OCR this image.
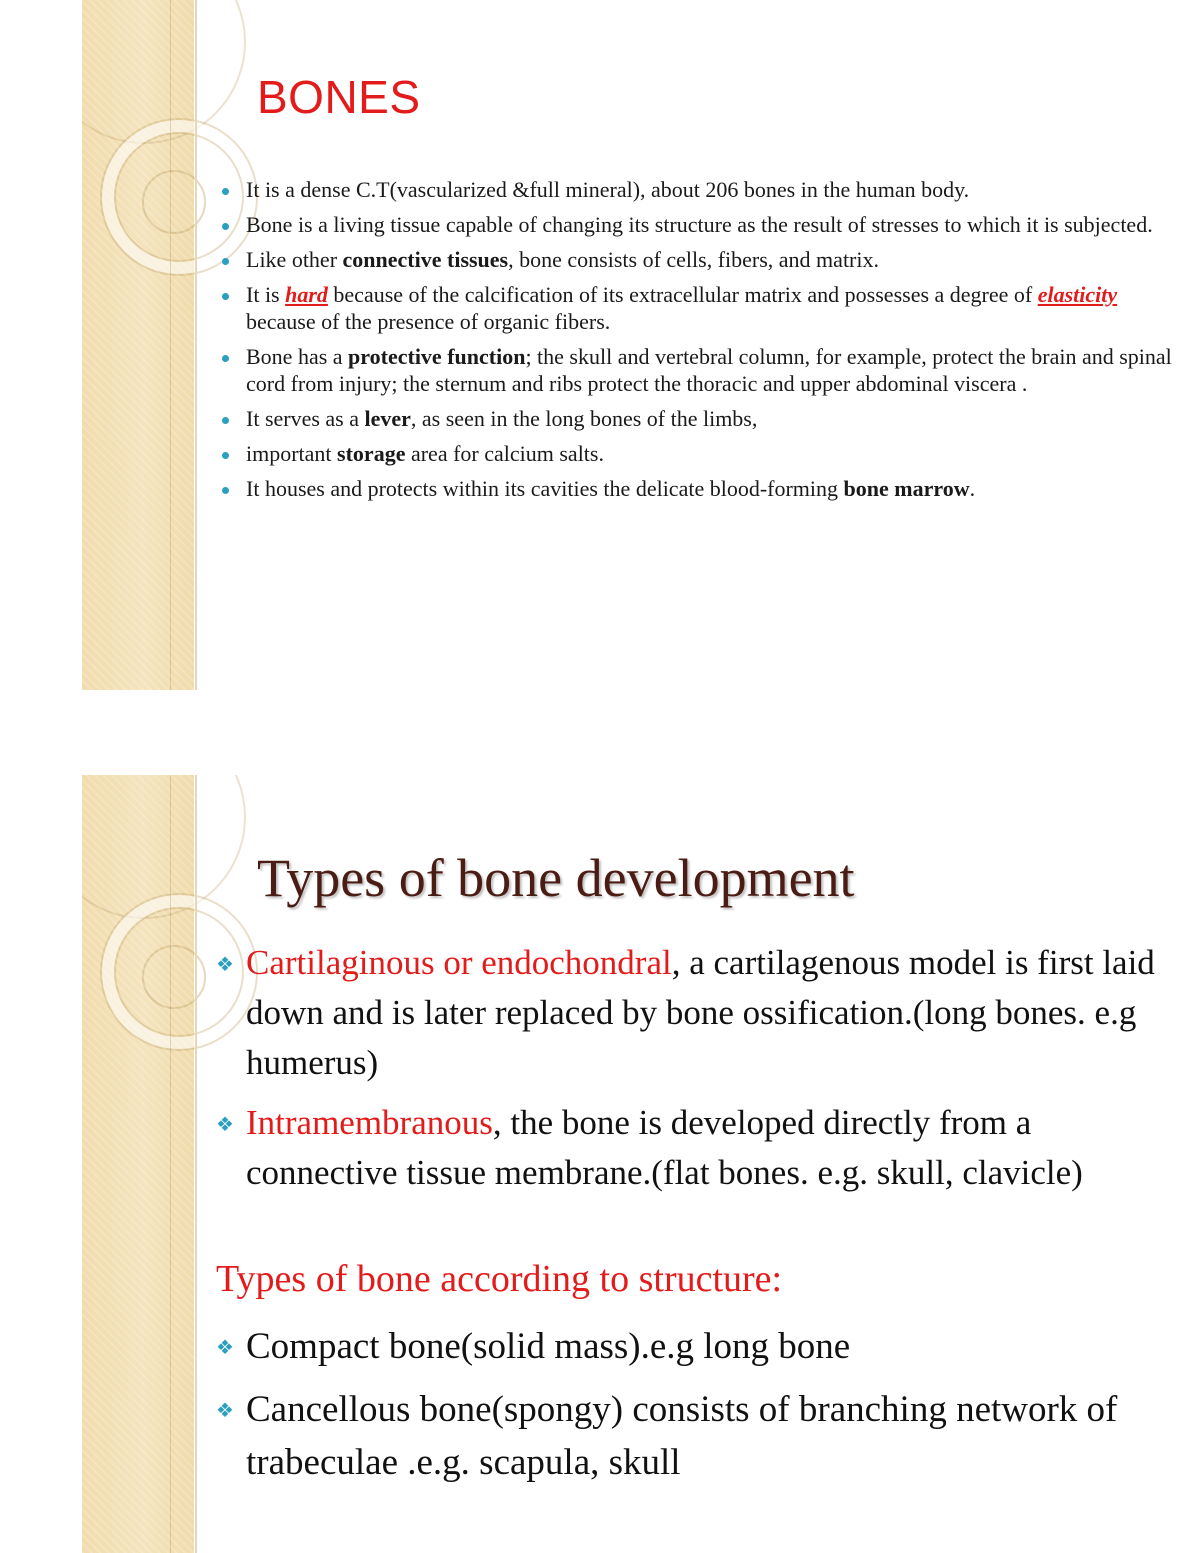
BONES
It is a dense C.T(vascularized &full mineral), about 206 bones in the human body.
Bone is a living tissue capable of changing its structure as the result of stresses to which it is subjected.
Like other connective tissues, bone consists of cells, fibers, and matrix.
It is hard because of the calcification of its extracellular matrix and possesses a degree of elasticity because of the presence of organic fibers.
Bone has a protective function; the skull and vertebral column, for example, protect the brain and spinal cord from injury; the sternum and ribs protect the thoracic and upper abdominal viscera .
It serves as a lever, as seen in the long bones of the limbs,
important storage area for calcium salts.
It houses and protects within its cavities the delicate blood-forming bone marrow.
Types of bone development
❖ Cartilaginous or endochondral, a cartilagenous model is first laid down and is later replaced by bone ossification.(long bones. e.g humerus)
❖ Intramembranous, the bone is developed directly from a connective tissue membrane.(flat bones. e.g. skull, clavicle)
Types of bone according to structure:
❖ Compact bone(solid mass).e.g long bone
❖ Cancellous bone(spongy) consists of branching network of trabeculae .e.g. scapula, skull
